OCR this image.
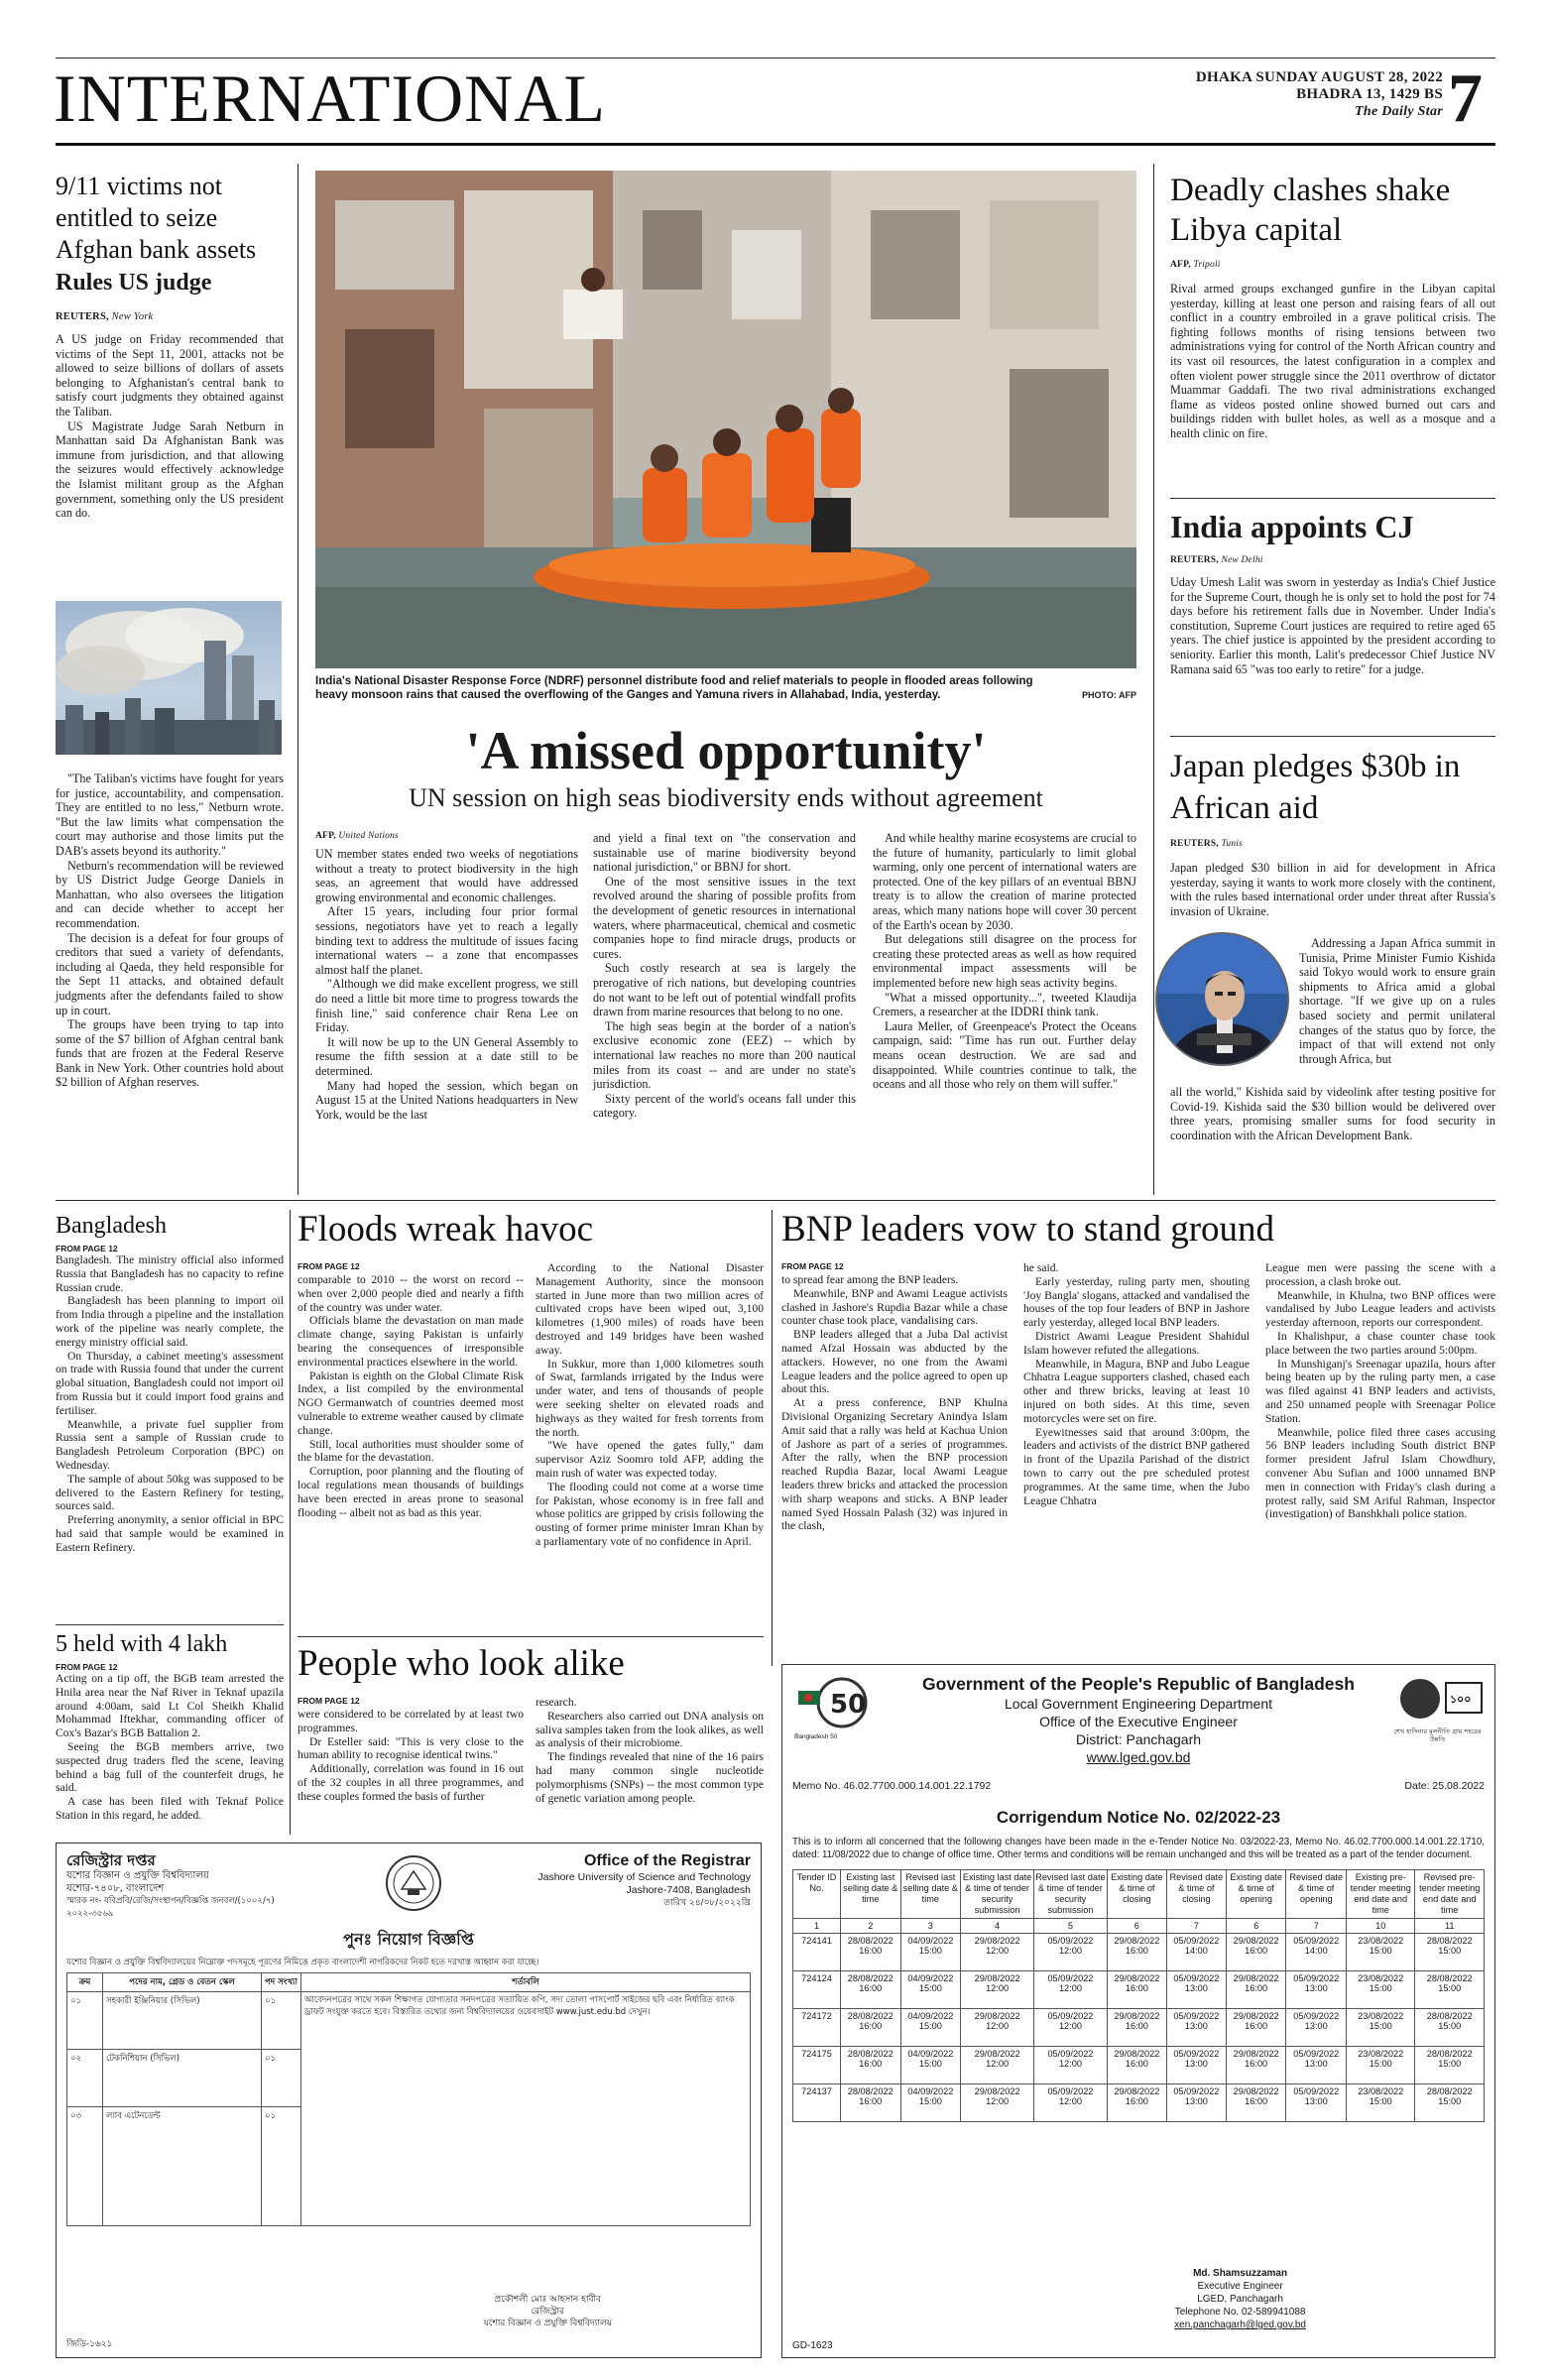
INTERNATIONAL	DHAKA SUNDAY AUGUST 28, 2022
BHADRA 13, 1429 BS
The Daily Star 7
9/11 victims not entitled to seize Afghan bank assets
Rules US judge
REUTERS, New York

A US judge on Friday recommended that victims of the Sept 11, 2001, attacks not be allowed to seize billions of dollars of assets belonging to Afghanistan's central bank to satisfy court judgments they obtained against the Taliban.

US Magistrate Judge Sarah Netburn in Manhattan said Da Afghanistan Bank was immune from jurisdiction, and that allowing the seizures would effectively acknowledge the Islamist militant group as the Afghan government, something only the US president can do.

"The Taliban's victims have fought for years for justice, accountability, and compensation. They are entitled to no less," Netburn wrote. "But the law limits what compensation the court may authorise and those limits put the DAB's assets beyond its authority."

Netburn's recommendation will be reviewed by US District Judge George Daniels in Manhattan, who also oversees the litigation and can decide whether to accept her recommendation.

The decision is a defeat for four groups of creditors that sued a variety of defendants, including al Qaeda, they held responsible for the Sept 11 attacks, and obtained default judgments after the defendants failed to show up in court.

The groups have been trying to tap into some of the $7 billion of Afghan central bank funds that are frozen at the Federal Reserve Bank in New York. Other countries hold about $2 billion of Afghan reserves.

India's National Disaster Response Force (NDRF) personnel distribute food and relief materials to people in flooded areas following heavy monsoon rains that caused the overflowing of the Ganges and Yamuna rivers in Allahabad, India, yesterday.	PHOTO: AFP
'A missed opportunity'
UN session on high seas biodiversity ends without agreement
AFP, United Nations

UN member states ended two weeks of negotiations without a treaty to protect biodiversity in the high seas, an agreement that would have addressed growing environmental and economic challenges.

After 15 years, including four prior formal sessions, negotiators have yet to reach a legally binding text to address the multitude of issues facing international waters -- a zone that encompasses almost half the planet.

"Although we did make excellent progress, we still do need a little bit more time to progress towards the finish line," said conference chair Rena Lee on Friday.

It will now be up to the UN General Assembly to resume the fifth session at a date still to be determined.

Many had hoped the session, which began on August 15 at the United Nations headquarters in New York, would be the last

and yield a final text on "the conservation and sustainable use of marine biodiversity beyond national jurisdiction," or BBNJ for short.

One of the most sensitive issues in the text revolved around the sharing of possible profits from the development of genetic resources in international waters, where pharmaceutical, chemical and cosmetic companies hope to find miracle drugs, products or cures.

Such costly research at sea is largely the prerogative of rich nations, but developing countries do not want to be left out of potential windfall profits drawn from marine resources that belong to no one.

The high seas begin at the border of a nation's exclusive economic zone (EEZ) -- which by international law reaches no more than 200 nautical miles from its coast -- and are under no state's jurisdiction.

Sixty percent of the world's oceans fall under this category.

And while healthy marine ecosystems are crucial to the future of humanity, particularly to limit global warming, only one percent of international waters are protected. One of the key pillars of an eventual BBNJ treaty is to allow the creation of marine protected areas, which many nations hope will cover 30 percent of the Earth's ocean by 2030.

But delegations still disagree on the process for creating these protected areas as well as how required environmental impact assessments will be implemented before new high seas activity begins.

"What a missed opportunity...", tweeted Klaudija Cremers, a researcher at the IDDRI think tank.

Laura Meller, of Greenpeace's Protect the Oceans campaign, said: "Time has run out. Further delay means ocean destruction. We are sad and disappointed. While countries continue to talk, the oceans and all those who rely on them will suffer."

Deadly clashes shake Libya capital
AFP, Tripoli

Rival armed groups exchanged gunfire in the Libyan capital yesterday, killing at least one person and raising fears of all out conflict in a country embroiled in a grave political crisis. The fighting follows months of rising tensions between two administrations vying for control of the North African country and its vast oil resources, the latest configuration in a complex and often violent power struggle since the 2011 overthrow of dictator Muammar Gaddafi. The two rival administrations exchanged flame as videos posted online showed burned out cars and buildings ridden with bullet holes, as well as a mosque and a health clinic on fire.

India appoints CJ
REUTERS, New Delhi

Uday Umesh Lalit was sworn in yesterday as India's Chief Justice for the Supreme Court, though he is only set to hold the post for 74 days before his retirement falls due in November. Under India's constitution, Supreme Court justices are required to retire aged 65 years. The chief justice is appointed by the president according to seniority. Earlier this month, Lalit's predecessor Chief Justice NV Ramana said 65 "was too early to retire" for a judge.

Japan pledges $30b in African aid
REUTERS, Tunis

Japan pledged $30 billion in aid for development in Africa yesterday, saying it wants to work more closely with the continent, with the rules based international order under threat after Russia's invasion of Ukraine.

Addressing a Japan Africa summit in Tunisia, Prime Minister Fumio Kishida said Tokyo would work to ensure grain shipments to Africa amid a global shortage. "If we give up on a rules based society and permit unilateral changes of the status quo by force, the impact of that will extend not only through Africa, but

all the world," Kishida said by videolink after testing positive for Covid-19. Kishida said the $30 billion would be delivered over three years, promising smaller sums for food security in coordination with the African Development Bank.

Bangladesh
FROM PAGE 12

Bangladesh. The ministry official also informed Russia that Bangladesh has no capacity to refine Russian crude.

Bangladesh has been planning to import oil from India through a pipeline and the installation work of the pipeline was nearly complete, the energy ministry official said.

On Thursday, a cabinet meeting's assessment on trade with Russia found that under the current global situation, Bangladesh could not import oil from Russia but it could import food grains and fertiliser.

Meanwhile, a private fuel supplier from Russia sent a sample of Russian crude to Bangladesh Petroleum Corporation (BPC) on Wednesday.

The sample of about 50kg was supposed to be delivered to the Eastern Refinery for testing, sources said.

Preferring anonymity, a senior official in BPC had said that sample would be examined in Eastern Refinery.

5 held with 4 lakh
FROM PAGE 12

Acting on a tip off, the BGB team arrested the Hnila area near the Naf River in Teknaf upazila around 4:00am, said Lt Col Sheikh Khalid Mohammad Iftekhar, commanding officer of Cox's Bazar's BGB Battalion 2.

Seeing the BGB members arrive, two suspected drug traders fled the scene, leaving behind a bag full of the counterfeit drugs, he said.

A case has been filed with Teknaf Police Station in this regard, he added.

Floods wreak havoc
FROM PAGE 12

comparable to 2010 -- the worst on record -- when over 2,000 people died and nearly a fifth of the country was under water.

Officials blame the devastation on man made climate change, saying Pakistan is unfairly bearing the consequences of irresponsible environmental practices elsewhere in the world.

Pakistan is eighth on the Global Climate Risk Index, a list compiled by the environmental NGO Germanwatch of countries deemed most vulnerable to extreme weather caused by climate change.

Still, local authorities must shoulder some of the blame for the devastation.

Corruption, poor planning and the flouting of local regulations mean thousands of buildings have been erected in areas prone to seasonal flooding -- albeit not as bad as this year.

According to the National Disaster Management Authority, since the monsoon started in June more than two million acres of cultivated crops have been wiped out, 3,100 kilometres (1,900 miles) of roads have been destroyed and 149 bridges have been washed away.

In Sukkur, more than 1,000 kilometres south of Swat, farmlands irrigated by the Indus were under water, and tens of thousands of people were seeking shelter on elevated roads and highways as they waited for fresh torrents from the north.

"We have opened the gates fully," dam supervisor Aziz Soomro told AFP, adding the main rush of water was expected today.

The flooding could not come at a worse time for Pakistan, whose economy is in free fall and whose politics are gripped by crisis following the ousting of former prime minister Imran Khan by a parliamentary vote of no confidence in April.

People who look alike
FROM PAGE 12

were considered to be correlated by at least two programmes.

Dr Esteller said: "This is very close to the human ability to recognise identical twins."

Additionally, correlation was found in 16 out of the 32 couples in all three programmes, and these couples formed the basis of further

research.

Researchers also carried out DNA analysis on saliva samples taken from the look alikes, as well as analysis of their microbiome.

The findings revealed that nine of the 16 pairs had many common single nucleotide polymorphisms (SNPs) -- the most common type of genetic variation among people.

BNP leaders vow to stand ground
FROM PAGE 12

to spread fear among the BNP leaders.

Meanwhile, BNP and Awami League activists clashed in Jashore's Rupdia Bazar while a chase counter chase took place, vandalising cars.

BNP leaders alleged that a Juba Dal activist named Afzal Hossain was abducted by the attackers. However, no one from the Awami League leaders and the police agreed to open up about this.

At a press conference, BNP Khulna Divisional Organizing Secretary Anindya Islam Amit said that a rally was held at Kachua Union of Jashore as part of a series of programmes. After the rally, when the BNP procession reached Rupdia Bazar, local Awami League leaders threw bricks and attacked the procession with sharp weapons and sticks. A BNP leader named Syed Hossain Palash (32) was injured in the clash,

he said.

Early yesterday, ruling party men, shouting 'Joy Bangla' slogans, attacked and vandalised the houses of the top four leaders of BNP in Jashore early yesterday, alleged local BNP leaders.

District Awami League President Shahidul Islam however refuted the allegations.

Meanwhile, in Magura, BNP and Jubo League Chhatra League supporters clashed, chased each other and threw bricks, leaving at least 10 injured on both sides. At this time, seven motorcycles were set on fire.

Eyewitnesses said that around 3:00pm, the leaders and activists of the district BNP gathered in front of the Upazila Parishad of the district town to carry out the pre scheduled protest programmes. At the same time, when the Jubo League Chhatra

League men were passing the scene with a procession, a clash broke out.

Meanwhile, in Khulna, two BNP offices were vandalised by Jubo League leaders and activists yesterday afternoon, reports our correspondent.

In Khalishpur, a chase counter chase took place between the two parties around 5:00pm.

In Munshiganj's Sreenagar upazila, hours after being beaten up by the ruling party men, a case was filed against 41 BNP leaders and activists, and 250 unnamed people with Sreenagar Police Station.

Meanwhile, police filed three cases accusing 56 BNP leaders including South district BNP former president Jafrul Islam Chowdhury, convener Abu Sufian and 1000 unnamed BNP men in connection with Friday's clash during a protest rally, said SM Ariful Rahman, Inspector (investigation) of Banshkhali police station.

রেজিস্ট্রার দপ্তর
যশোর বিজ্ঞান ও প্রযুক্তি বিশ্ববিদ্যালয়
যশোর-৭৪০৮, বাংলাদেশ
স্মারক নং- যবিপ্রবি/রেজি/সংস্থাপন/বিজ্ঞপ্তি জনবল/(১০০২/৭) ২০২২-৩৫৬৯
Office of the Registrar
Jashore University of Science and Technology
Jashore-7408, Bangladesh
তারিখ ২৪/০৮/২০২২খ্রি
পুনঃ নিয়োগ বিজ্ঞপ্তি
যশোর বিজ্ঞান ও প্রযুক্তি বিশ্ববিদ্যালয়ের নিম্নোক্ত পদসমূহে পূরণের নিমিত্তে প্রকৃত বাংলাদেশী নাগরিকদের নিকট হতে দরখাস্ত আহ্বান করা যাচ্ছে।
ক্রম	পদের নাম, গ্রেড ও বেতন স্কেল	পদ সংখ্যা	শর্তাবলি
০১	সহকারী ইঞ্জিনিয়ার (সিভিল)	০১	আবেদনপত্রের সাথে সকল শিক্ষাগত যোগ্যতার সনদপত্রের সত্যায়িত কপি, সদ্য তোলা পাসপোর্ট সাইজের ছবি এবং নির্ধারিত ব্যাংক ড্রাফট সংযুক্ত করতে হবে। বিস্তারিত তথ্যের জন্য বিশ্ববিদ্যালয়ের ওয়েবসাইট www.just.edu.bd দেখুন।
০২	টেকনিশিয়ান (সিভিল)	০১	
০৩	ল্যাব এটেনডেন্ট	০১	
প্রকৌশলী মোঃ আহসান হাবীব
রেজিস্ট্রার
যশোর বিজ্ঞান ও প্রযুক্তি বিশ্ববিদ্যালয়
জিডি-১৬২১
50
Bangladesh 50
১০০
শেখ হাসিনার মূলনীতি গ্রাম শহরের উন্নতি
Government of the People's Republic of Bangladesh
Local Government Engineering Department
Office of the Executive Engineer
District: Panchagarh
www.lged.gov.bd
Memo No. 46.02.7700.000.14.001.22.1792	Date: 25.08.2022
Corrigendum Notice No. 02/2022-23
This is to inform all concerned that the following changes have been made in the e-Tender Notice No. 03/2022-23, Memo No. 46.02.7700.000.14.001.22.1710, dated: 11/08/2022 due to change of office time. Other terms and conditions will be remain unchanged and this will be treated as a part of the tender document.
Tender ID No.	Existing last selling date & time	Revised last selling date & time	Existing last date & time of tender security submission	Revised last date & time of tender security submission	Existing date & time of closing	Revised date & time of closing	Existing date & time of opening	Revised date & time of opening	Existing pre-tender meeting end date and time	Revised pre-tender meeting end date and time
1	2	3	4	5	6	7	6	7	10	11
724141	28/08/2022 16:00	04/09/2022 15:00	29/08/2022 12:00	05/09/2022 12:00	29/08/2022 16:00	05/09/2022 14:00	29/08/2022 16:00	05/09/2022 14:00	23/08/2022 15:00	28/08/2022 15:00
724124	28/08/2022 16:00	04/09/2022 15:00	29/08/2022 12:00	05/09/2022 12:00	29/08/2022 16:00	05/09/2022 13:00	29/08/2022 16:00	05/09/2022 13:00	23/08/2022 15:00	28/08/2022 15:00
724172	28/08/2022 16:00	04/09/2022 15:00	29/08/2022 12:00	05/09/2022 12:00	29/08/2022 16:00	05/09/2022 13:00	29/08/2022 16:00	05/09/2022 13:00	23/08/2022 15:00	28/08/2022 15:00
724175	28/08/2022 16:00	04/09/2022 15:00	29/08/2022 12:00	05/09/2022 12:00	29/08/2022 16:00	05/09/2022 13:00	29/08/2022 16:00	05/09/2022 13:00	23/08/2022 15:00	28/08/2022 15:00
724137	28/08/2022 16:00	04/09/2022 15:00	29/08/2022 12:00	05/09/2022 12:00	29/08/2022 16:00	05/09/2022 13:00	29/08/2022 16:00	05/09/2022 13:00	23/08/2022 15:00	28/08/2022 15:00
Md. Shamsuzzaman
Executive Engineer
LGED, Panchagarh
Telephone No. 02-589941088
xen.panchagarh@lged.gov.bd
GD-1623
